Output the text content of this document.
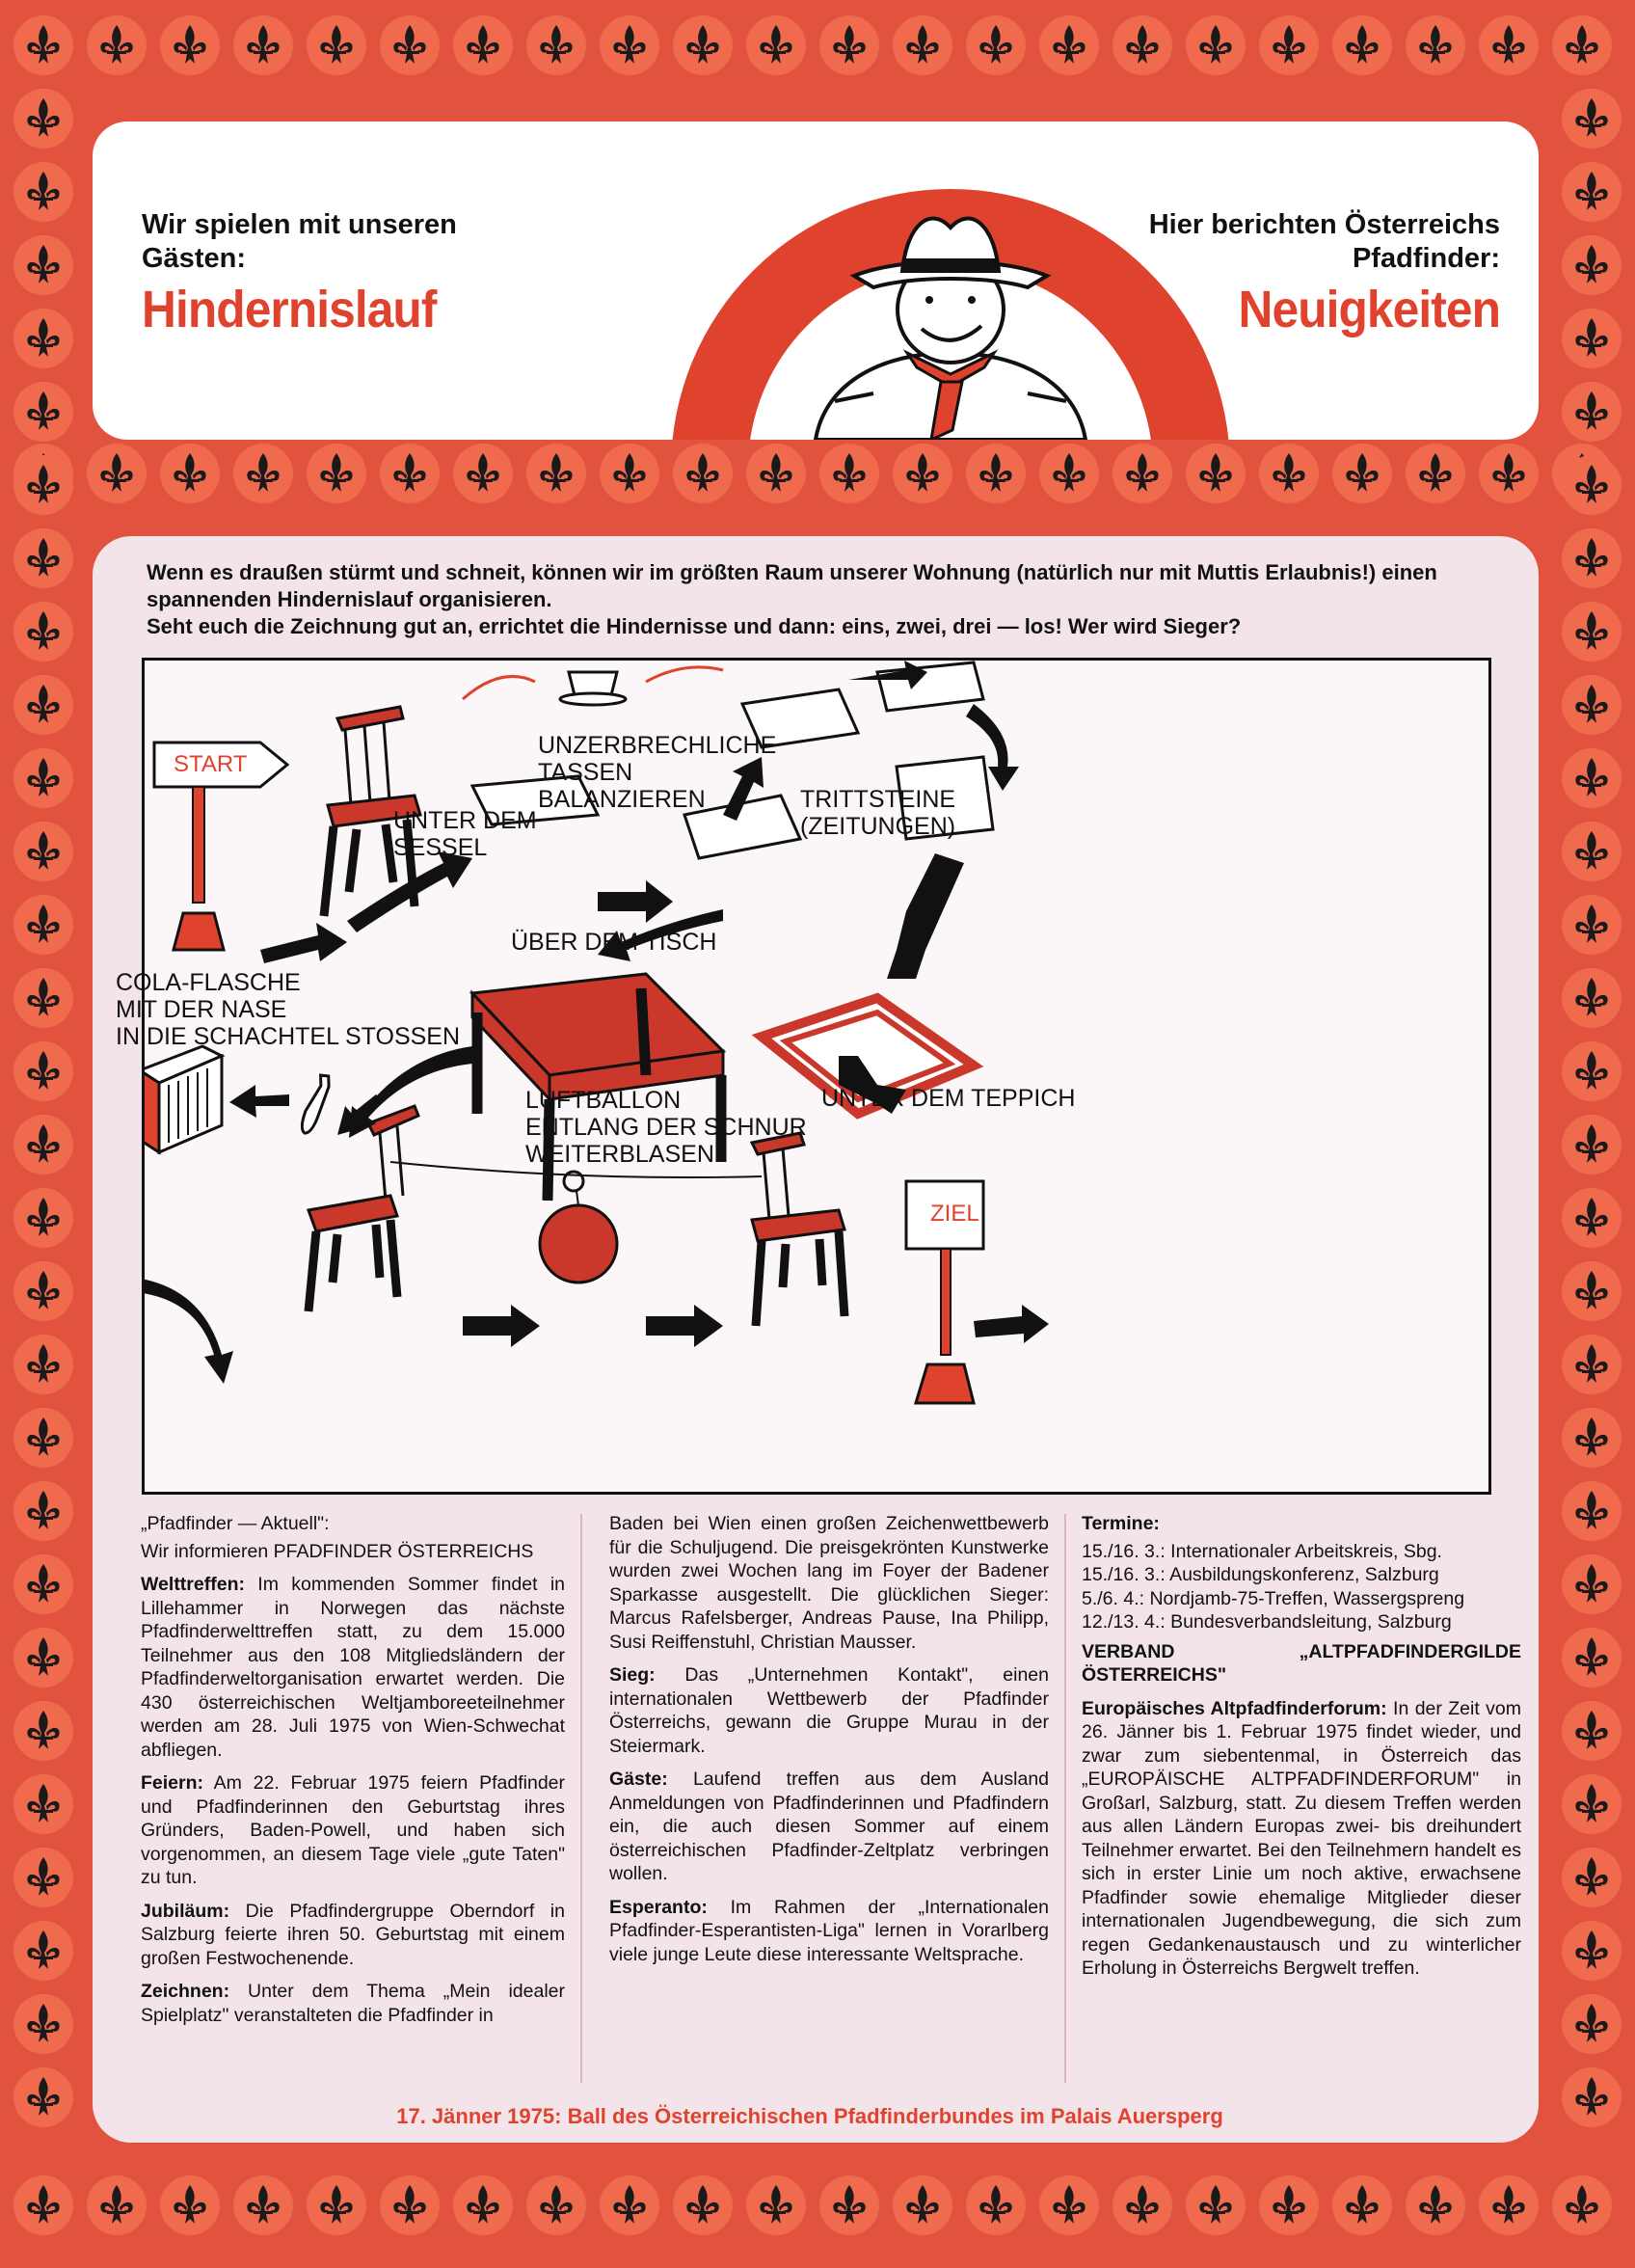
Wir spielen mit unseren Gästen:
Hindernislauf
Hier berichten Österreichs Pfadfinder:
Neuigkeiten
Wenn es draußen stürmt und schneit, können wir im größten Raum unserer Wohnung (natürlich nur mit Muttis Erlaubnis!) einen spannenden Hindernislauf organisieren.
Seht euch die Zeichnung gut an, errichtet die Hindernisse und dann: eins, zwei, drei — los! Wer wird Sieger?
START
ZIEL
UNTER DEM
SESSEL
UNZERBRECHLICHE
TASSEN
BALANZIEREN	TRITTSTEINE
(ZEITUNGEN)
ÜBER DEM TISCH
COLA-FLASCHE
MIT DER NASE
IN DIE SCHACHTEL STOSSEN
LUFTBALLON
ENTLANG DER SCHNUR
WEITERBLASEN
UNTER DEM TEPPICH

„Pfadfinder — Aktuell":

Wir informieren PFADFINDER ÖSTERREICHS

Welttreffen: Im kommenden Sommer findet in Lillehammer in Norwegen das nächste Pfadfinderwelttreffen statt, zu dem 15.000 Teilnehmer aus den 108 Mitgliedsländern der Pfadfinderweltorganisation erwartet werden. Die 430 österreichischen Weltjamboreeteilnehmer werden am 28. Juli 1975 von Wien-Schwechat abfliegen.

Feiern: Am 22. Februar 1975 feiern Pfadfinder und Pfadfinderinnen den Geburtstag ihres Gründers, Baden-Powell, und haben sich vorgenommen, an diesem Tage viele „gute Taten" zu tun.

Jubiläum: Die Pfadfindergruppe Oberndorf in Salzburg feierte ihren 50. Geburtstag mit einem großen Festwochenende.

Zeichnen: Unter dem Thema „Mein idealer Spielplatz" veranstalteten die Pfadfinder in

Baden bei Wien einen großen Zeichenwettbewerb für die Schuljugend. Die preisgekrönten Kunstwerke wurden zwei Wochen lang im Foyer der Badener Sparkasse ausgestellt. Die glücklichen Sieger: Marcus Rafelsberger, Andreas Pause, Ina Philipp, Susi Reiffenstuhl, Christian Mausser.

Sieg: Das „Unternehmen Kontakt", einen internationalen Wettbewerb der Pfadfinder Österreichs, gewann die Gruppe Murau in der Steiermark.

Gäste: Laufend treffen aus dem Ausland Anmeldungen von Pfadfinderinnen und Pfadfindern ein, die auch diesen Sommer auf einem österreichischen Pfadfinder-Zeltplatz verbringen wollen.

Esperanto: Im Rahmen der „Internationalen Pfadfinder-Esperantisten-Liga" lernen in Vorarlberg viele junge Leute diese interessante Weltsprache.

Termine:

15./16. 3.: Internationaler Arbeitskreis, Sbg.
15./16. 3.: Ausbildungskonferenz, Salzburg
5./6. 4.: Nordjamb-75-Treffen, Wassergspreng
12./13. 4.: Bundesverbandsleitung, Salzburg

VERBAND „ALTPFADFINDERGILDE ÖSTERREICHS"

Europäisches Altpfadfinderforum: In der Zeit vom 26. Jänner bis 1. Februar 1975 findet wieder, und zwar zum siebentenmal, in Österreich das „EUROPÄISCHE ALTPFADFINDERFORUM" in Großarl, Salzburg, statt. Zu diesem Treffen werden aus allen Ländern Europas zwei- bis dreihundert Teilnehmer erwartet. Bei den Teilnehmern handelt es sich in erster Linie um noch aktive, erwachsene Pfadfinder sowie ehemalige Mitglieder dieser internationalen Jugendbewegung, die sich zum regen Gedankenaustausch und zu winterlicher Erholung in Österreichs Bergwelt treffen.

17. Jänner 1975: Ball des Österreichischen Pfadfinderbundes im Palais Auersperg
